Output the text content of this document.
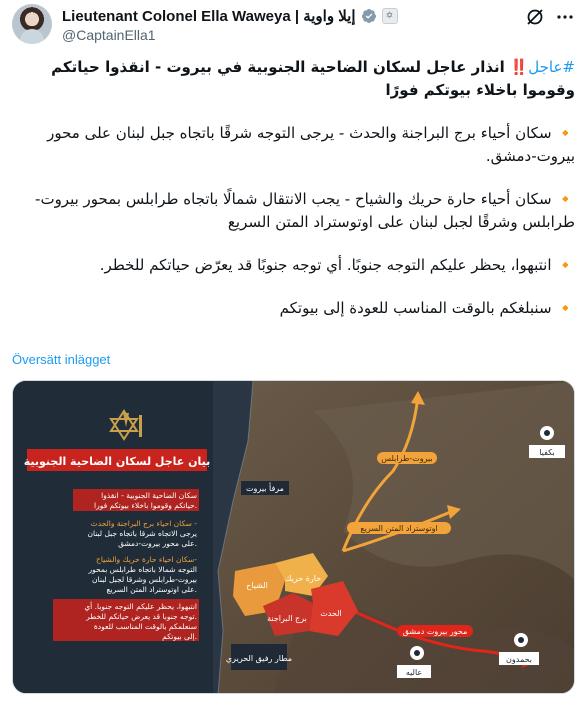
Lieutenant Colonel Ella Waweya | إيلا واوية	✡
@CaptainElla1

#عاجل‼️ انذار عاجل لسكان الضاحية الجنوبية في بيروت - انقذوا حياتكم وقوموا باخلاء بيوتكم فورًا

🔸 سكان أحياء برج البراجنة والحدث - يرجى التوجه شرقًا باتجاه جبل لبنان على محور بيروت-دمشق.

🔸 سكان أحياء حارة حريك والشياح - يجب الانتقال شمالًا باتجاه طرابلس بمحور بيروت-طرابلس وشرقًا لجبل لبنان على اوتوستراد المتن السريع

🔸 انتبهوا، يحظر عليكم التوجه جنوبًا. أي توجه جنوبًا قد يعرّض حياتكم للخطر.

🔸 سنبلغكم بالوقت المناسب للعودة إلى بيوتكم

Översätt inlägget
بيان عاجل لسكان الضاحية الجنوبية
سكان الضاحية الجنوبية - انقذوا
حياتكم وقوموا باخلاء بيوتكم فورا.
سكان احياء برج البراجنة والحدث -
يرجى الاتجاه شرقا باتجاه جبل لبنان
على محور بيروت-دمشق.
سكان احياء حارة حريك والشياح-
التوجه شمالا باتجاه طرابلس بمحور
بيروت-طرابلس وشرقا لجبل لبنان
على اوتوستراد المتن السريع.
انتبهوا، يحظر عليكم التوجه جنوبا. أي
توجه جنوبا قد يعرض حياتكم للخطر.
سنعلمكم بالوقت المناسب للعودة
إلى بيوتكم.
مرفأ بيروت
بيروت-طرابلس
اوتوستراد المتن السريع
الشياح
حارة حريك
برج البراجنة
الحدث
مطار رفيق الحريري
محور بيروت دمشق
بكفيا
عاليه
بحمدون
